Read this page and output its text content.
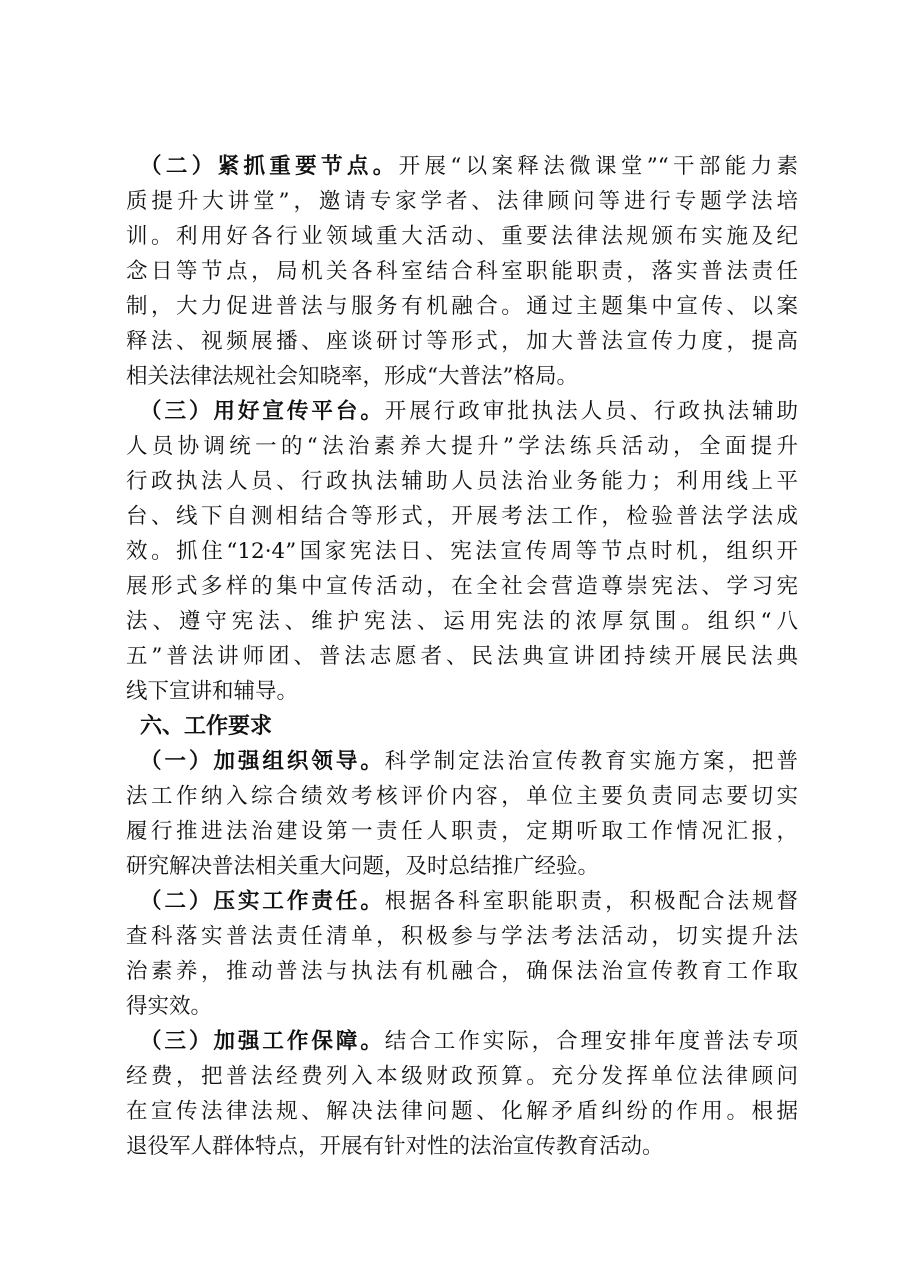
（二）紧抓重要节点。开展“以案释法微课堂”“干部能力素
质提升大讲堂”，邀请专家学者、法律顾问等进行专题学法培
训。利用好各行业领域重大活动、重要法律法规颁布实施及纪
念日等节点，局机关各科室结合科室职能职责，落实普法责任
制，大力促进普法与服务有机融合。通过主题集中宣传、以案
释法、视频展播、座谈研讨等形式，加大普法宣传力度，提高
相关法律法规社会知晓率，形成“大普法”格局。
（三）用好宣传平台。开展行政审批执法人员、行政执法辅助
人员协调统一的“法治素养大提升”学法练兵活动，全面提升
行政执法人员、行政执法辅助人员法治业务能力；利用线上平
台、线下自测相结合等形式，开展考法工作，检验普法学法成
效。抓住“12·4”国家宪法日、宪法宣传周等节点时机，组织开
展形式多样的集中宣传活动，在全社会营造尊崇宪法、学习宪
法、遵守宪法、维护宪法、运用宪法的浓厚氛围。组织“八
五”普法讲师团、普法志愿者、民法典宣讲团持续开展民法典
线下宣讲和辅导。
六、工作要求
（一）加强组织领导。科学制定法治宣传教育实施方案，把普
法工作纳入综合绩效考核评价内容，单位主要负责同志要切实
履行推进法治建设第一责任人职责，定期听取工作情况汇报，
研究解决普法相关重大问题，及时总结推广经验。
（二）压实工作责任。根据各科室职能职责，积极配合法规督
查科落实普法责任清单，积极参与学法考法活动，切实提升法
治素养，推动普法与执法有机融合，确保法治宣传教育工作取
得实效。
（三）加强工作保障。结合工作实际，合理安排年度普法专项
经费，把普法经费列入本级财政预算。充分发挥单位法律顾问
在宣传法律法规、解决法律问题、化解矛盾纠纷的作用。根据
退役军人群体特点，开展有针对性的法治宣传教育活动。
